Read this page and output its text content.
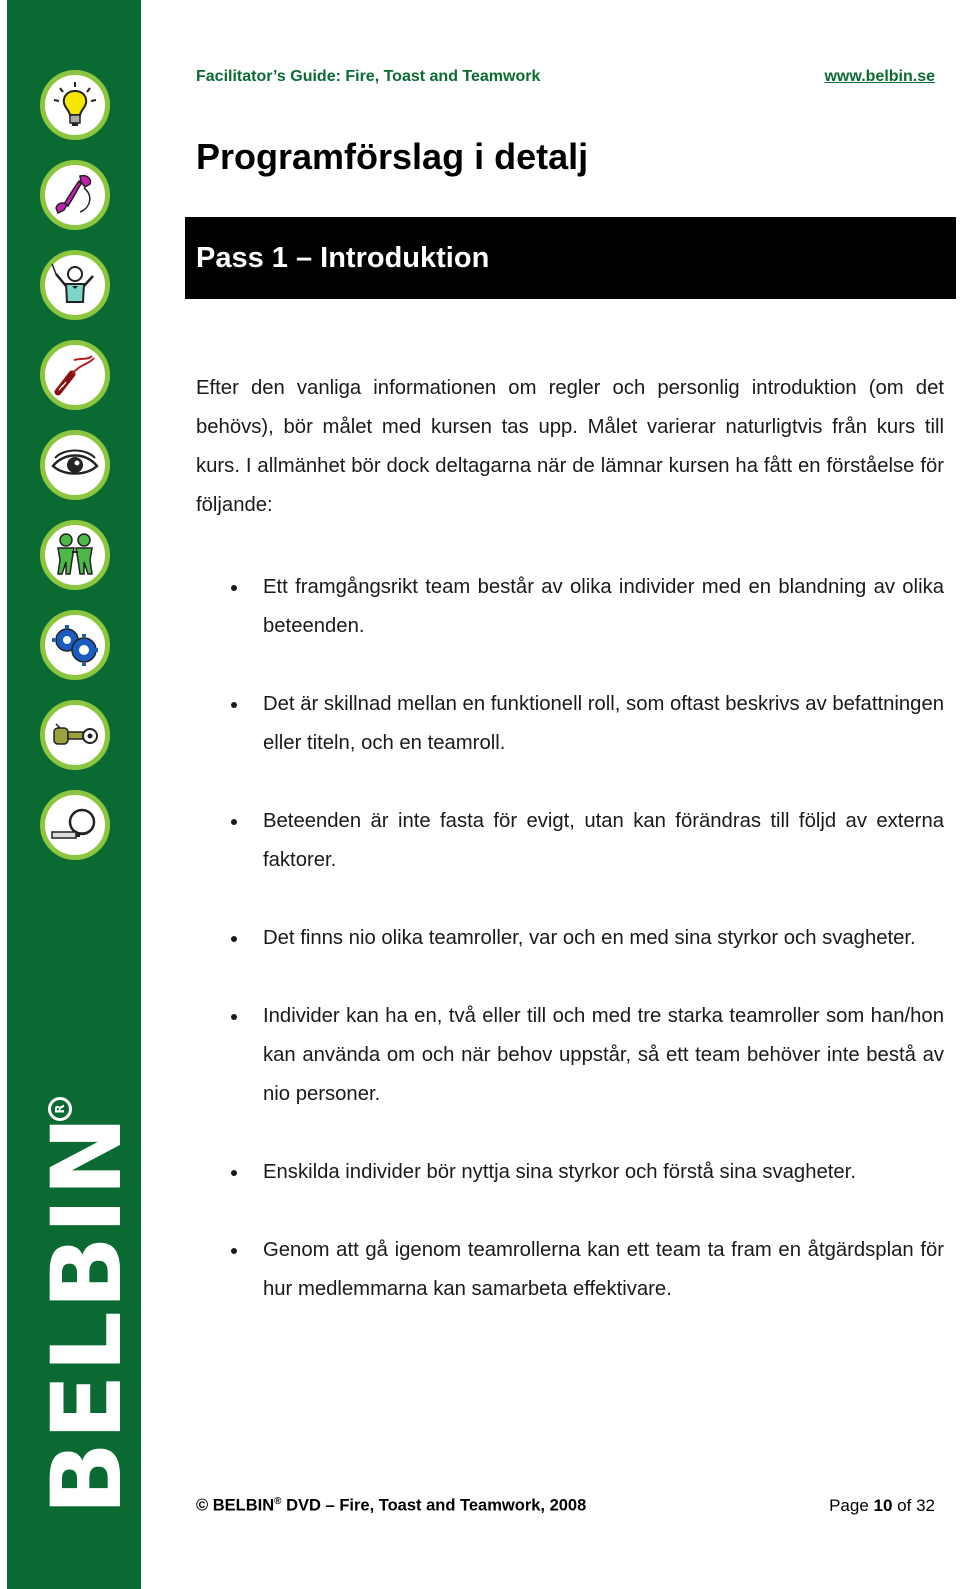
R
BELBIN
Facilitator’s Guide: Fire, Toast and Teamwork	www.belbin.se
Programförslag i detalj
Pass 1 – Introduktion

Efter den vanliga informationen om regler och personlig introduktion (om det behövs), bör målet med kursen tas upp. Målet varierar naturligtvis från kurs till kurs. I allmänhet bör dock deltagarna när de lämnar kursen ha fått en förståelse för följande:

Ett framgångsrikt team består av olika individer med en blandning av olika beteenden.
Det är skillnad mellan en funktionell roll, som oftast beskrivs av befattningen eller titeln, och en teamroll.
Beteenden är inte fasta för evigt, utan kan förändras till följd av externa faktorer.
Det finns nio olika teamroller, var och en med sina styrkor och svagheter.
Individer kan ha en, två eller till och med tre starka teamroller som han/hon kan använda om och när behov uppstår, så ett team behöver inte bestå av nio personer.
Enskilda individer bör nyttja sina styrkor och förstå sina svagheter.
Genom att gå igenom teamrollerna kan ett team ta fram en åtgärdsplan för hur medlemmarna kan samarbeta effektivare.
© BELBIN® DVD – Fire, Toast and Teamwork, 2008	Page 10 of 32
